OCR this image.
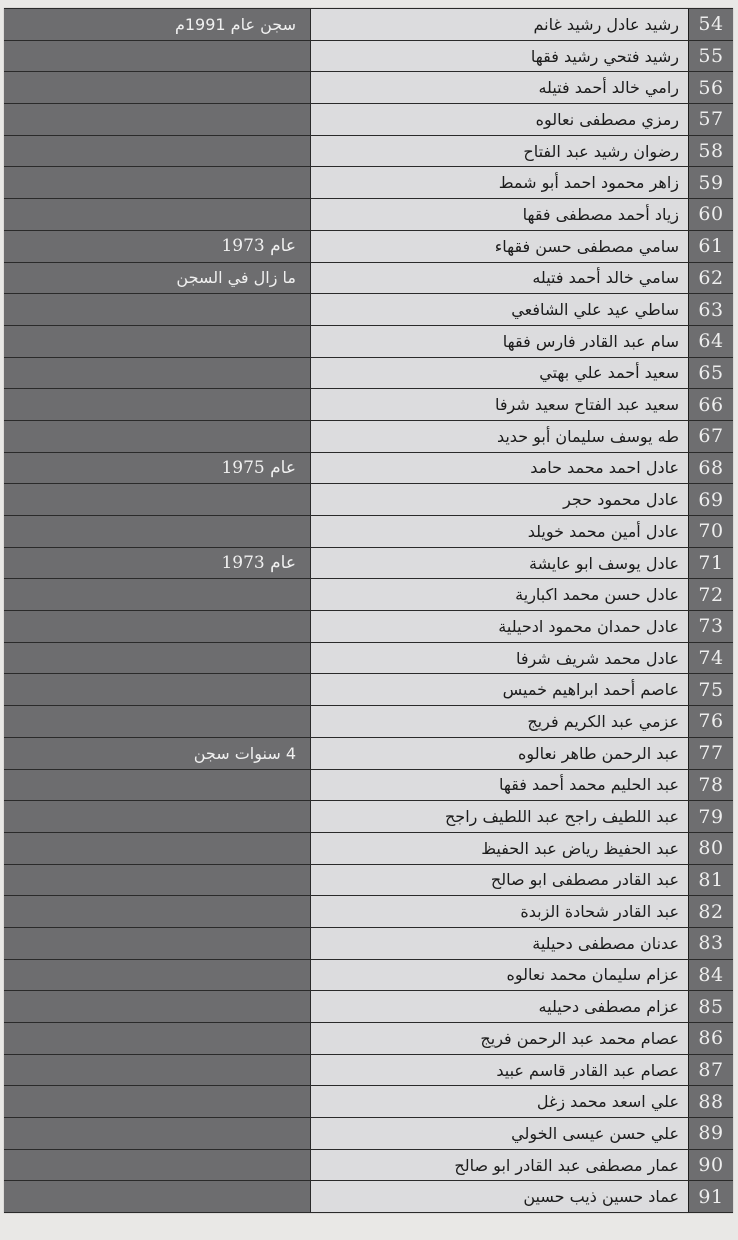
54
رشيد عادل رشيد غانم
سجن عام 1991م
55
رشيد فتحي رشيد فقها
56
رامي خالد أحمد فتيله
57
رمزي مصطفى نعالوه
58
رضوان رشيد عبد الفتاح
59
زاهر محمود احمد أبو شمط
60
زياد أحمد مصطفى فقها
61
سامي مصطفى حسن فقهاء
عام 1973
62
سامي خالد أحمد فتيله
ما زال في السجن
63
ساطي عيد علي الشافعي
64
سام عبد القادر فارس فقها
65
سعيد أحمد علي بهتي
66
سعيد عبد الفتاح سعيد شرفا
67
طه يوسف سليمان أبو حديد
68
عادل احمد محمد حامد
عام 1975
69
عادل محمود حجر
70
عادل أمين محمد خويلد
71
عادل يوسف ابو عايشة
عام 1973
72
عادل حسن محمد اكبارية
73
عادل حمدان محمود ادحيلية
74
عادل محمد شريف شرفا
75
عاصم أحمد ابراهيم خميس
76
عزمي عبد الكريم فريج
77
عبد الرحمن طاهر نعالوه
4 سنوات سجن
78
عبد الحليم محمد أحمد فقها
79
عبد اللطيف راجح عبد اللطيف راجح
80
عبد الحفيظ رياض عبد الحفيظ
81
عبد القادر مصطفى ابو صالح
82
عبد القادر شحادة الزبدة
83
عدنان مصطفى دحيلية
84
عزام سليمان محمد نعالوه
85
عزام مصطفى دحيليه
86
عصام محمد عبد الرحمن فريج
87
عصام عبد القادر قاسم عبيد
88
علي اسعد محمد زغل
89
علي حسن عيسى الخولي
90
عمار مصطفى عبد القادر ابو صالح
91
عماد حسين ذيب حسين
